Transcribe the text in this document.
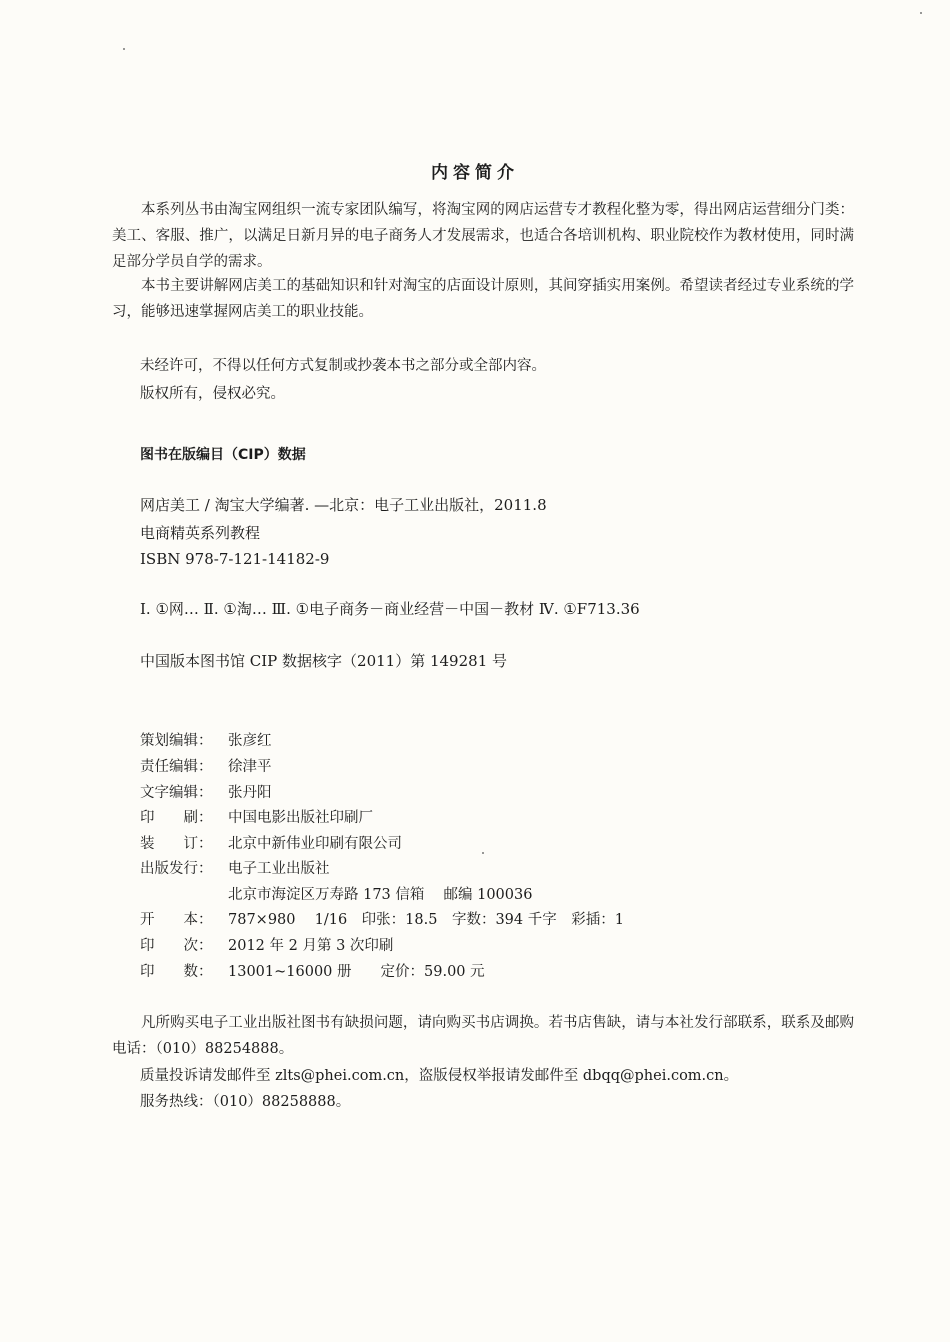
内容简介

本系列丛书由淘宝网组织一流专家团队编写，将淘宝网的网店运营专才教程化整为零，得出网店运营细分门类：美工、客服、推广，以满足日新月异的电子商务人才发展需求，也适合各培训机构、职业院校作为教材使用，同时满足部分学员自学的需求。

本书主要讲解网店美工的基础知识和针对淘宝的店面设计原则，其间穿插实用案例。希望读者经过专业系统的学习，能够迅速掌握网店美工的职业技能。

未经许可，不得以任何方式复制或抄袭本书之部分或全部内容。
版权所有，侵权必究。
图书在版编目（CIP）数据
网店美工 / 淘宝大学编著. —北京：电子工业出版社，2011.8
电商精英系列教程
ISBN 978-7-121-14182-9
Ⅰ. ①网… Ⅱ. ①淘… Ⅲ. ①电子商务－商业经营－中国－教材 Ⅳ. ①F713.36
中国版本图书馆 CIP 数据核字（2011）第 149281 号
策划编辑： 张彦红
责任编辑： 徐津平
文字编辑： 张丹阳
印　　刷： 中国电影出版社印刷厂
装　　订： 北京中新伟业印刷有限公司
出版发行： 电子工业出版社
北京市海淀区万寿路 173 信箱　 邮编 100036
开　　本： 787×980　 1/16　印张：18.5　字数：394 千字　彩插：1
印　　次： 2012 年 2 月第 3 次印刷
印　　数： 13001~16000 册　　定价：59.00 元

凡所购买电子工业出版社图书有缺损问题，请向购买书店调换。若书店售缺，请与本社发行部联系，联系及邮购电话：（010）88254888。

质量投诉请发邮件至 zlts@phei.com.cn，盗版侵权举报请发邮件至 dbqq@phei.com.cn。
服务热线：（010）88258888。
